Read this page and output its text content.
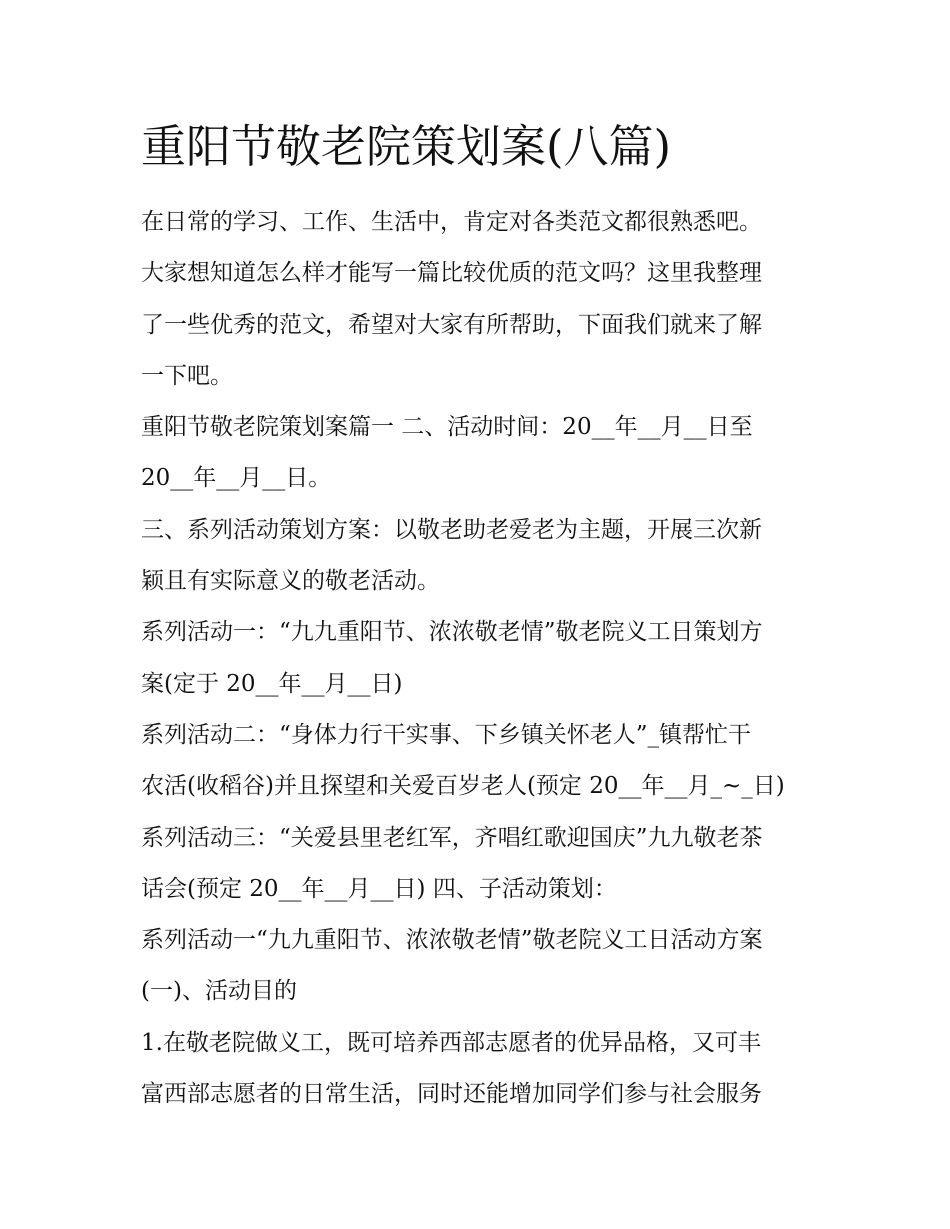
重阳节敬老院策划案(八篇)
在日常的学习、工作、生活中，肯定对各类范文都很熟悉吧。
大家想知道怎么样才能写一篇比较优质的范文吗？这里我整理
了一些优秀的范文，希望对大家有所帮助，下面我们就来了解
一下吧。
重阳节敬老院策划案篇一 二、活动时间：20__年__月__日至
20__年__月__日。
三、系列活动策划方案：以敬老助老爱老为主题，开展三次新
颖且有实际意义的敬老活动。
系列活动一：“九九重阳节、浓浓敬老情”敬老院义工日策划方
案(定于 20__年__月__日)
系列活动二：“身体力行干实事、下乡镇关怀老人”_镇帮忙干
农活(收稻谷)并且探望和关爱百岁老人(预定 20__年__月_~_日)
系列活动三：“关爱县里老红军，齐唱红歌迎国庆”九九敬老茶
话会(预定 20__年__月__日) 四、子活动策划：
系列活动一“九九重阳节、浓浓敬老情”敬老院义工日活动方案
(一)、活动目的
1.在敬老院做义工，既可培养西部志愿者的优异品格，又可丰
富西部志愿者的日常生活，同时还能增加同学们参与社会服务
